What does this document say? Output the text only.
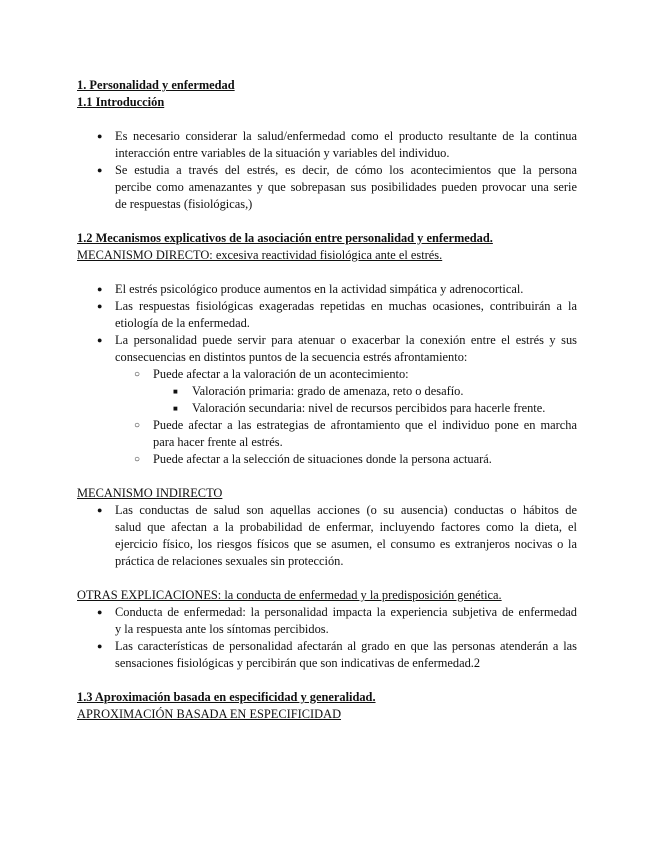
1. Personalidad y enfermedad
1.1 Introducción
● Es necesario considerar la salud/enfermedad como el producto resultante de la continua
interacción entre variables de la situación y variables del individuo.
● Se estudia a través del estrés, es decir, de cómo los acontecimientos que la persona
percibe como amenazantes y que sobrepasan sus posibilidades pueden provocar una serie
de respuestas (fisiológicas,)
1.2 Mecanismos explicativos de la asociación entre personalidad y enfermedad.
MECANISMO DIRECTO: excesiva reactividad fisiológica ante el estrés.
● El estrés psicológico produce aumentos en la actividad simpática y adrenocortical.
● Las respuestas fisiológicas exageradas repetidas en muchas ocasiones, contribuirán a la
etiología de la enfermedad.
● La personalidad puede servir para atenuar o exacerbar la conexión entre el estrés y sus
consecuencias en distintos puntos de la secuencia estrés afrontamiento:
○ Puede afectar a la valoración de un acontecimiento:
■ Valoración primaria: grado de amenaza, reto o desafío.
■ Valoración secundaria: nivel de recursos percibidos para hacerle frente.
○ Puede afectar a las estrategias de afrontamiento que el individuo pone en marcha
para hacer frente al estrés.
○ Puede afectar a la selección de situaciones donde la persona actuará.
MECANISMO INDIRECTO
● Las conductas de salud son aquellas acciones (o su ausencia) conductas o hábitos de
salud que afectan a la probabilidad de enfermar, incluyendo factores como la dieta, el
ejercicio físico, los riesgos físicos que se asumen, el consumo es extranjeros nocivas o la
práctica de relaciones sexuales sin protección.
OTRAS EXPLICACIONES: la conducta de enfermedad y la predisposición genética.
● Conducta de enfermedad: la personalidad impacta la experiencia subjetiva de enfermedad
y la respuesta ante los síntomas percibidos.
● Las características de personalidad afectarán al grado en que las personas atenderán a las
sensaciones fisiológicas y percibirán que son indicativas de enfermedad.2
1.3 Aproximación basada en especificidad y generalidad.
APROXIMACIÓN BASADA EN ESPECIFICIDAD
